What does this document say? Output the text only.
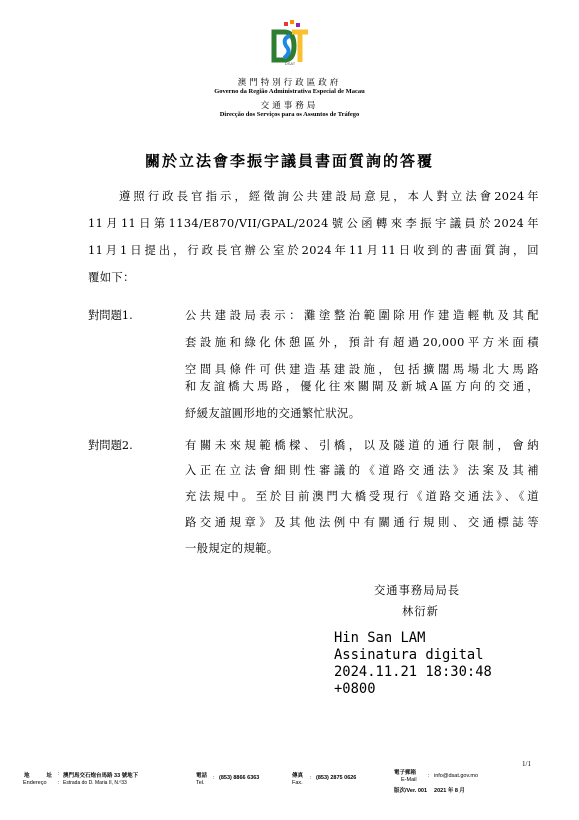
DSAT
澳門特別行政區政府
Governo da Região Administrativa Especial de Macau
交通事務局
Direcção dos Serviços para os Assuntos de Tráfego
關於立法會李振宇議員書面質詢的答覆
遵照行政長官指示，經徵詢公共建設局意見，本人對立法會2024年
11月11日第1134/E870/VII/GPAL/2024號公函轉來李振宇議員於2024年
11月1日提出，行政長官辦公室於2024年11月11日收到的書面質詢，回
覆如下：
對問題1.	公共建設局表示：灘塗整治範圍除用作建造輕軌及其配
套設施和綠化休憩區外，預計有超過20,000平方米面積
空間具條件可供建造基建設施，包括擴闊馬場北大馬路
和友誼橋大馬路，優化往來關閘及新城A區方向的交通，
紓緩友誼圓形地的交通繁忙狀況。
對問題2.	有關未來規範橋樑、引橋，以及隧道的通行限制，會納
入正在立法會細則性審議的《道路交通法》法案及其補
充法規中。至於目前澳門大橋受現行《道路交通法》、《道
路交通規章》及其他法例中有關通行規則、交通標誌等
一般規定的規範。
交通事務局局長
林衍新
Hin San LAM
Assinatura digital
2024.11.21 18:30:48
+0800
1/1
地　　址
Endereço
:
:
澳門馬交石炮台馬路 33 號地下
Estrada do D. Maria II, N.º33
電話
Tel.
: (853) 8866 6363	傳真
Fax.
: (853) 2875 0626
電子郵箱
E-Mail
: info@dsat.gov.mo
版次/Ver. 001　 2021 年 8 月
